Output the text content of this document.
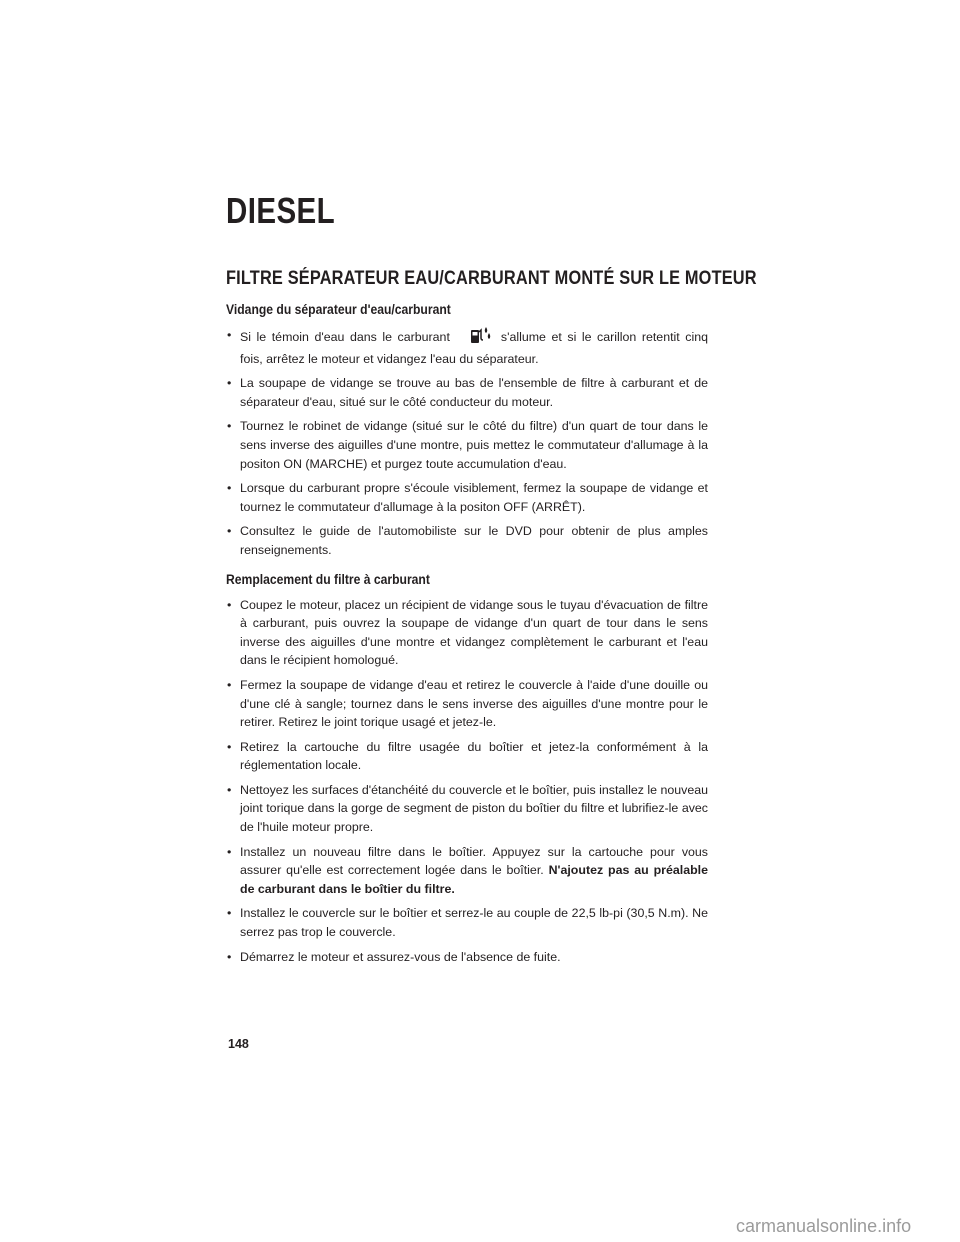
DIESEL
FILTRE SÉPARATEUR EAU/CARBURANT MONTÉ SUR LE MOTEUR
Vidange du séparateur d'eau/carburant
• Si le témoin d'eau dans le carburant	s'allume et si le carillon retentit cinq fois, arrêtez le moteur et vidangez l'eau du séparateur.
• La soupape de vidange se trouve au bas de l'ensemble de filtre à carburant et de séparateur d'eau, situé sur le côté conducteur du moteur.
• Tournez le robinet de vidange (situé sur le côté du filtre) d'un quart de tour dans le sens inverse des aiguilles d'une montre, puis mettez le commutateur d'allumage à la positon ON (MARCHE) et purgez toute accumulation d'eau.
• Lorsque du carburant propre s'écoule visiblement, fermez la soupape de vidange et tournez le commutateur d'allumage à la positon OFF (ARRÊT).
• Consultez le guide de l'automobiliste sur le DVD pour obtenir de plus amples renseignements.
Remplacement du filtre à carburant
• Coupez le moteur, placez un récipient de vidange sous le tuyau d'évacuation de filtre à carburant, puis ouvrez la soupape de vidange d'un quart de tour dans le sens inverse des aiguilles d'une montre et vidangez complètement le carburant et l'eau dans le récipient homologué.
• Fermez la soupape de vidange d'eau et retirez le couvercle à l'aide d'une douille ou d'une clé à sangle; tournez dans le sens inverse des aiguilles d'une montre pour le retirer. Retirez le joint torique usagé et jetez-le.
• Retirez la cartouche du filtre usagée du boîtier et jetez-la conformément à la réglementation locale.
• Nettoyez les surfaces d'étanchéité du couvercle et le boîtier, puis installez le nouveau joint torique dans la gorge de segment de piston du boîtier du filtre et lubrifiez-le avec de l'huile moteur propre.
• Installez un nouveau filtre dans le boîtier. Appuyez sur la cartouche pour vous assurer qu'elle est correctement logée dans le boîtier. N'ajoutez pas au préalable de carburant dans le boîtier du filtre.
• Installez le couvercle sur le boîtier et serrez-le au couple de 22,5 lb-pi (30,5 N.m). Ne serrez pas trop le couvercle.
• Démarrez le moteur et assurez-vous de l'absence de fuite.
148
carmanualsonline.info
